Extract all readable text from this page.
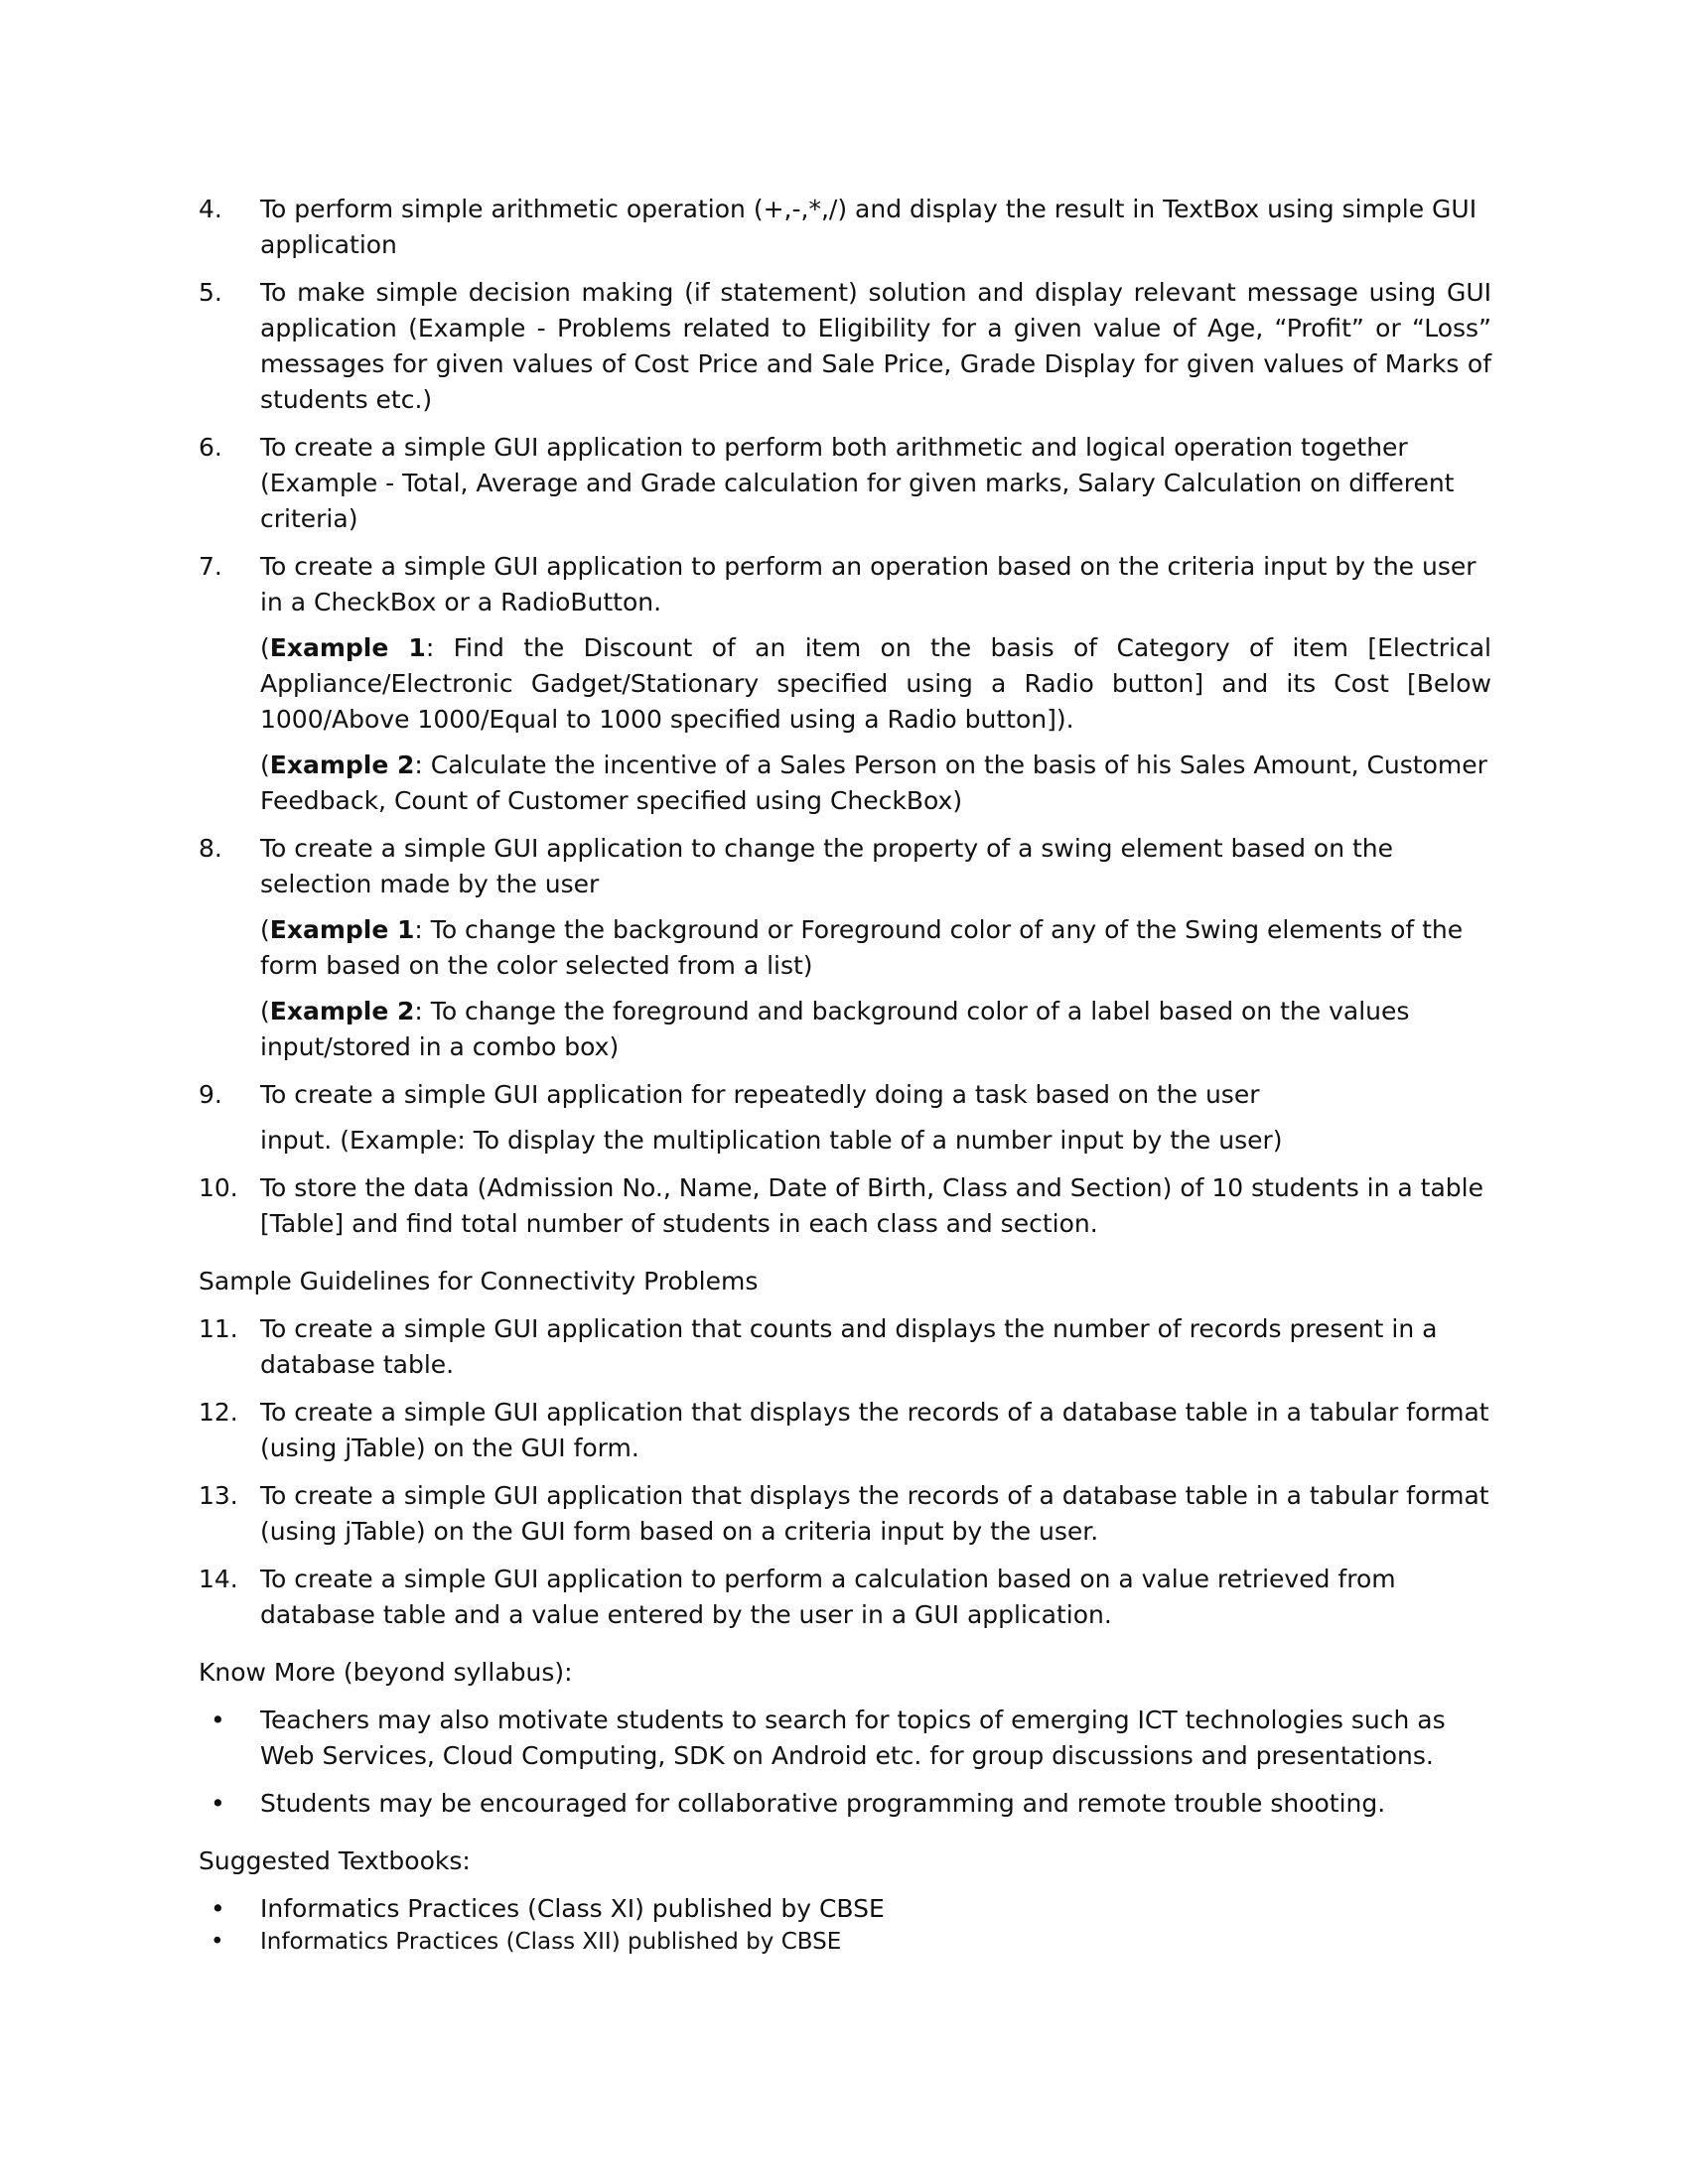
4.	To perform simple arithmetic operation (+,-,*,/) and display the result in TextBox using simple GUI application
5.	To make simple decision making (if statement) solution and display relevant message using GUI application (Example - Problems related to Eligibility for a given value of Age, “Profit” or “Loss” messages for given values of Cost Price and Sale Price, Grade Display for given values of Marks of students etc.)
6.	To create a simple GUI application to perform both arithmetic and logical operation together (Example - Total, Average and Grade calculation for given marks, Salary Calculation on different criteria)
7.	To create a simple GUI application to perform an operation based on the criteria input by the user in a CheckBox or a RadioButton.
(Example 1: Find the Discount of an item on the basis of Category of item [Electrical Appliance/Electronic Gadget/Stationary specified using a Radio button] and its Cost [Below 1000/Above 1000/Equal to 1000 specified using a Radio button]).
(Example 2: Calculate the incentive of a Sales Person on the basis of his Sales Amount, Customer Feedback, Count of Customer specified using CheckBox)
8.	To create a simple GUI application to change the property of a swing element based on the selection made by the user
(Example 1: To change the background or Foreground color of any of the Swing elements of the form based on the color selected from a list)
(Example 2: To change the foreground and background color of a label based on the values input/stored in a combo box)
9.	To create a simple GUI application for repeatedly doing a task based on the user
input. (Example: To display the multiplication table of a number input by the user)
10. To store the data (Admission No., Name, Date of Birth, Class and Section) of 10 students in a table [Table] and find total number of students in each class and section.
Sample Guidelines for Connectivity Problems
11. To create a simple GUI application that counts and displays the number of records present in a database table.
12. To create a simple GUI application that displays the records of a database table in a tabular format (using jTable) on the GUI form.
13. To create a simple GUI application that displays the records of a database table in a tabular format (using jTable) on the GUI form based on a criteria input by the user.
14. To create a simple GUI application to perform a calculation based on a value retrieved from database table and a value entered by the user in a GUI application.
Know More (beyond syllabus):
•	Teachers may also motivate students to search for topics of emerging ICT technologies such as Web Services, Cloud Computing, SDK on Android etc. for group discussions and presentations.
•	Students may be encouraged for collaborative programming and remote trouble shooting.
Suggested Textbooks:
•	Informatics Practices (Class XI) published by CBSE
•	Informatics Practices (Class XII) published by CBSE
